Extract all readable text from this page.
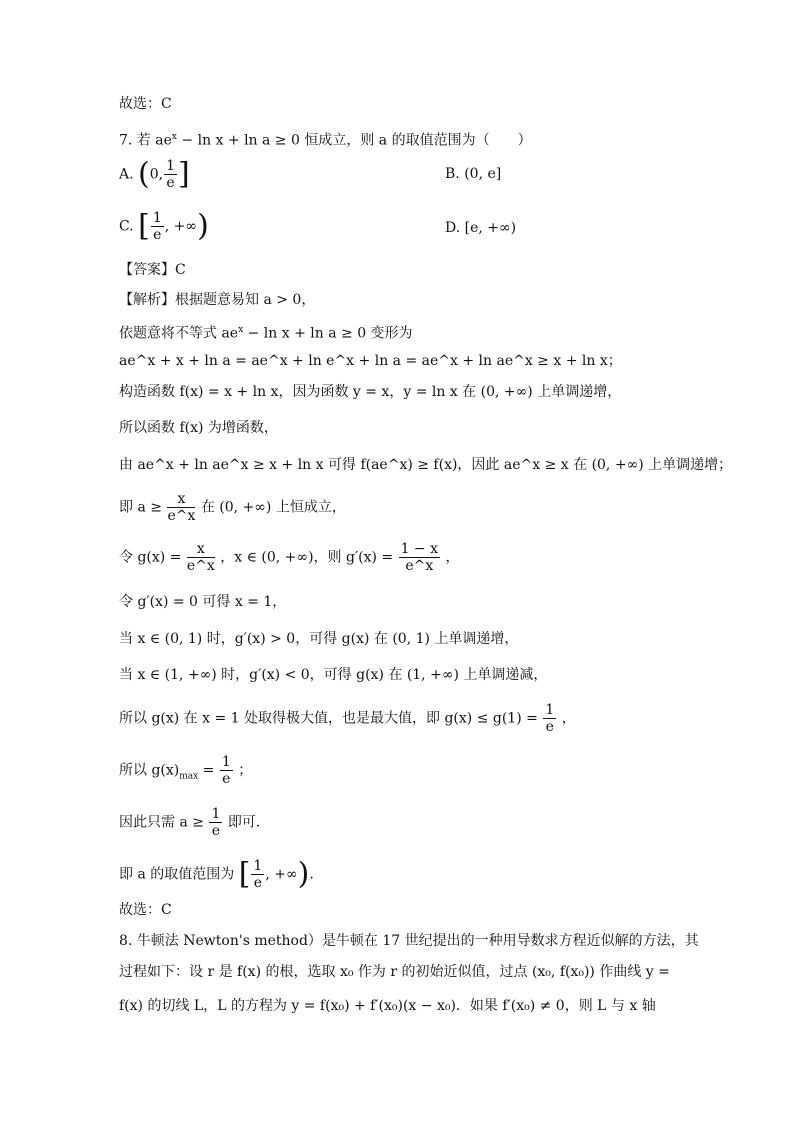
故选：C
7. 若 $ae^x - \ln x + \ln a \ge 0$ 恒成立，则 a 的取值范围为（　　）
A. (0, $\frac{1}{e}$ ]	B. (0, e]
C. [ $\frac{1}{e}$ , +∞)	D. [e, +∞)
【答案】C
【解析】根据题意易知 a > 0，
依题意将不等式 $ae^x - \ln x + \ln a \ge 0$ 变形为
ae^x + x + ln a = ae^x + ln e^x + ln a = ae^x + ln ae^x ≥ x + ln x；
构造函数 f(x) = x + ln x，因为函数 y = x，y = ln x 在 (0, +∞) 上单调递增，
所以函数 f(x) 为增函数，
由 ae^x + ln ae^x ≥ x + ln x 可得 f(ae^x) ≥ f(x)，因此 ae^x ≥ x 在 (0, +∞) 上单调递增；
即 $a \ge \frac{x}{e\^{}x}$ 在 (0, +∞) 上恒成立，
令 $g(x) = \frac{x}{e\^{}x}$ ，x ∈ (0, +∞)，则 $g'(x) = \frac{1 - x}{e\^{}x}$ ，
令 g′(x) = 0 可得 x = 1，
当 x ∈ (0, 1) 时，g′(x) > 0，可得 g(x) 在 (0, 1) 上单调递增，
当 x ∈ (1, +∞) 时，g′(x) < 0，可得 g(x) 在 (1, +∞) 上单调递减，
所以 g(x) 在 x = 1 处取得极大值，也是最大值，即 $g(x) \le g(1) = \frac{1}{e}$ ，
所以 $g(x)_{max} = \frac{1}{e}$ ；
因此只需 $a \ge \frac{1}{e}$ 即可.
即 a 的取值范围为 [ $\frac{1}{e}$ , +∞).
故选：C
8. 牛顿法 Newton's method）是牛顿在 17 世纪提出的一种用导数求方程近似解的方法，其
过程如下：设 r 是 f(x) 的根，选取 x₀ 作为 r 的初始近似值，过点 (x₀, f(x₀)) 作曲线 y =
f(x) 的切线 L，L 的方程为 y = f(x₀) + f′(x₀)(x − x₀)．如果 f′(x₀) ≠ 0，则 L 与 x 轴
